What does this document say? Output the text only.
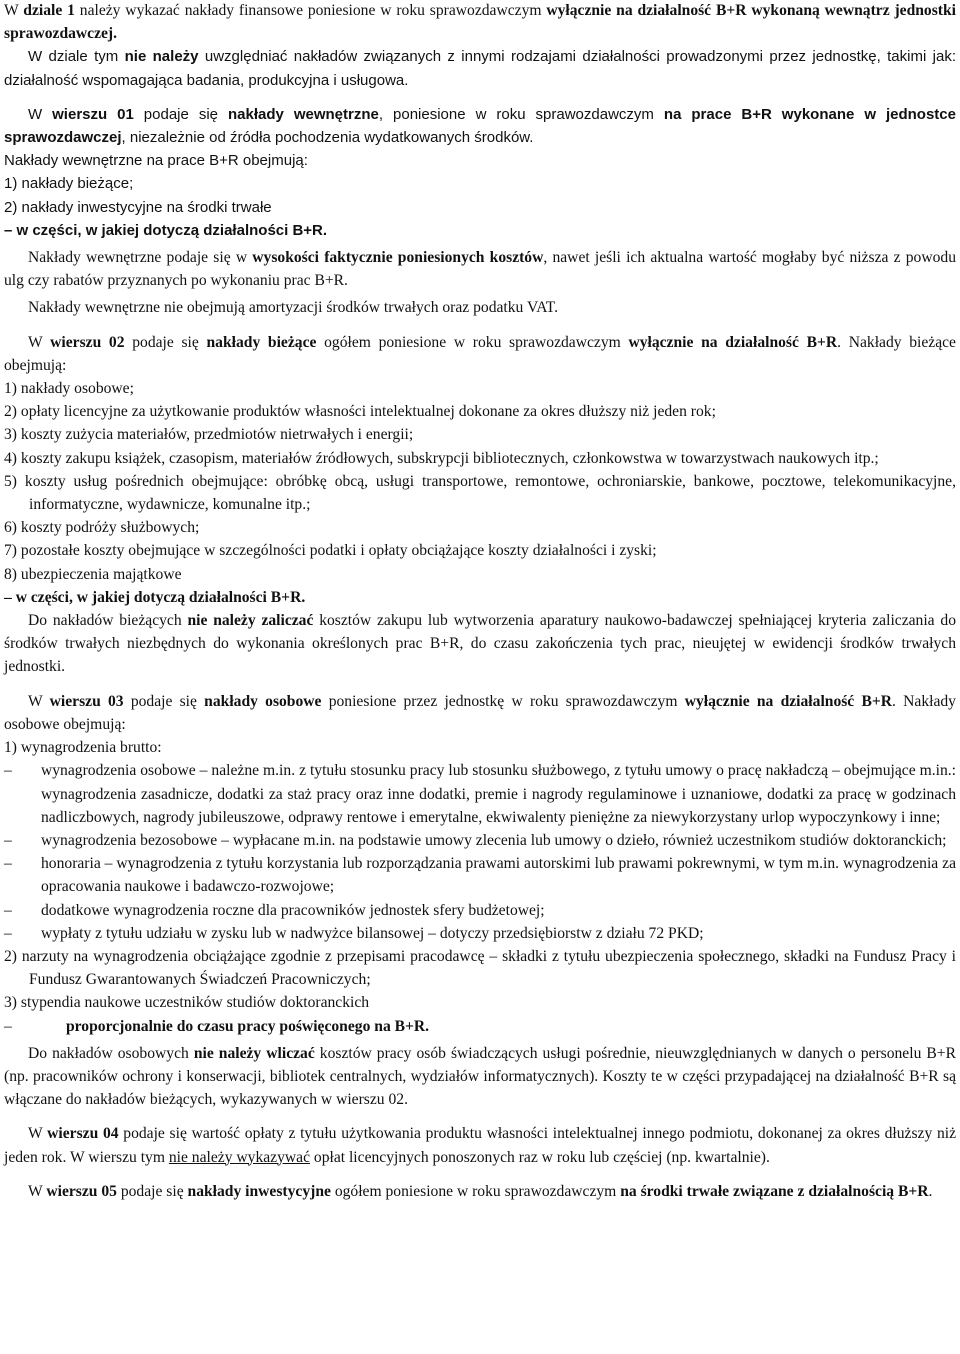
W dziale 1 należy wykazać nakłady finansowe poniesione w roku sprawozdawczym wyłącznie na działalność B+R wykonaną wewnątrz jednostki sprawozdawczej.

W dziale tym nie należy uwzględniać nakładów związanych z innymi rodzajami działalności prowadzonymi przez jednostkę, takimi jak: działalność wspomagająca badania, produkcyjna i usługowa.

W wierszu 01 podaje się nakłady wewnętrzne, poniesione w roku sprawozdawczym na prace B+R wykonane w jednostce sprawozdawczej, niezależnie od źródła pochodzenia wydatkowanych środków.

Nakłady wewnętrzne na prace B+R obejmują:

1) nakłady bieżące;

2) nakłady inwestycyjne na środki trwałe

– w części, w jakiej dotyczą działalności B+R.

Nakłady wewnętrzne podaje się w wysokości faktycznie poniesionych kosztów, nawet jeśli ich aktualna wartość mogłaby być niższa z powodu ulg czy rabatów przyznanych po wykonaniu prac B+R.

Nakłady wewnętrzne nie obejmują amortyzacji środków trwałych oraz podatku VAT.

W wierszu 02 podaje się nakłady bieżące ogółem poniesione w roku sprawozdawczym wyłącznie na działalność B+R. Nakłady bieżące obejmują:

1) nakłady osobowe;

2) opłaty licencyjne za użytkowanie produktów własności intelektualnej dokonane za okres dłuższy niż jeden rok;

3) koszty zużycia materiałów, przedmiotów nietrwałych i energii;

4) koszty zakupu książek, czasopism, materiałów źródłowych, subskrypcji bibliotecznych, członkowstwa w towarzystwach naukowych itp.;

5) koszty usług pośrednich obejmujące: obróbkę obcą, usługi transportowe, remontowe, ochroniarskie, bankowe, pocztowe, telekomunikacyjne, informatyczne, wydawnicze, komunalne itp.;

6) koszty podróży służbowych;

7) pozostałe koszty obejmujące w szczególności podatki i opłaty obciążające koszty działalności i zyski;

8) ubezpieczenia majątkowe

– w części, w jakiej dotyczą działalności B+R.

Do nakładów bieżących nie należy zaliczać kosztów zakupu lub wytworzenia aparatury naukowo-badawczej spełniającej kryteria zaliczania do środków trwałych niezbędnych do wykonania określonych prac B+R, do czasu zakończenia tych prac, nieujętej w ewidencji środków trwałych jednostki.

W wierszu 03 podaje się nakłady osobowe poniesione przez jednostkę w roku sprawozdawczym wyłącznie na działalność B+R. Nakłady osobowe obejmują:

1) wynagrodzenia brutto:

– wynagrodzenia osobowe – należne m.in. z tytułu stosunku pracy lub stosunku służbowego, z tytułu umowy o pracę nakładczą – obejmujące m.in.: wynagrodzenia zasadnicze, dodatki za staż pracy oraz inne dodatki, premie i nagrody regulaminowe i uznaniowe, dodatki za pracę w godzinach nadliczbowych, nagrody jubileuszowe, odprawy rentowe i emerytalne, ekwiwalenty pieniężne za niewykorzystany urlop wypoczynkowy i inne;

– wynagrodzenia bezosobowe – wypłacane m.in. na podstawie umowy zlecenia lub umowy o dzieło, również uczestnikom studiów doktoranckich;

– honoraria – wynagrodzenia z tytułu korzystania lub rozporządzania prawami autorskimi lub prawami pokrewnymi, w tym m.in. wynagrodzenia za opracowania naukowe i badawczo-rozwojowe;

– dodatkowe wynagrodzenia roczne dla pracowników jednostek sfery budżetowej;

– wypłaty z tytułu udziału w zysku lub w nadwyżce bilansowej – dotyczy przedsiębiorstw z działu 72 PKD;

2) narzuty na wynagrodzenia obciążające zgodnie z przepisami pracodawcę – składki z tytułu ubezpieczenia społecznego, składki na Fundusz Pracy i Fundusz Gwarantowanych Świadczeń Pracowniczych;

3) stypendia naukowe uczestników studiów doktoranckich

–	proporcjonalnie do czasu pracy poświęconego na B+R.

Do nakładów osobowych nie należy wliczać kosztów pracy osób świadczących usługi pośrednie, nieuwzględnianych w danych o personelu B+R (np. pracowników ochrony i konserwacji, bibliotek centralnych, wydziałów informatycznych). Koszty te w części przypadającej na działalność B+R są włączane do nakładów bieżących, wykazywanych w wierszu 02.

W wierszu 04 podaje się wartość opłaty z tytułu użytkowania produktu własności intelektualnej innego podmiotu, dokonanej za okres dłuższy niż jeden rok. W wierszu tym nie należy wykazywać opłat licencyjnych ponoszonych raz w roku lub częściej (np. kwartalnie).

W wierszu 05 podaje się nakłady inwestycyjne ogółem poniesione w roku sprawozdawczym na środki trwałe związane z działalnością B+R.
